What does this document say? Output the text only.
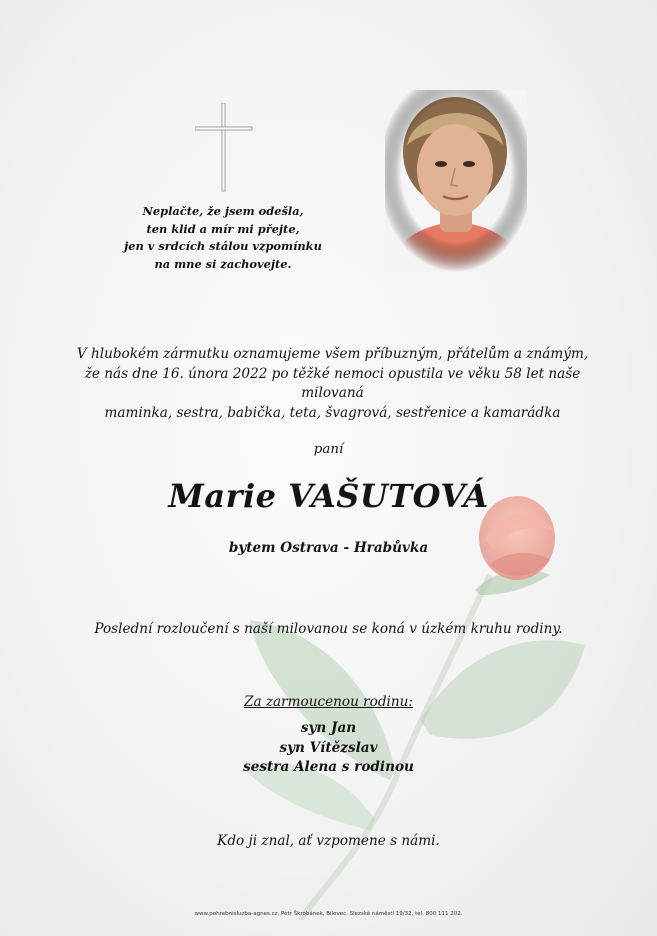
Neplačte, že jsem odešla,
ten klid a mír mi přejte,
jen v srdcích stálou vzpomínku
na mne si zachovejte.
V hlubokém zármutku oznamujeme všem příbuzným, přátelům a známým,
že nás dne 16. února 2022 po těžké nemoci opustila ve věku 58 let naše milovaná
maminka, sestra, babička, teta, švagrová, sestřenice a kamarádka
paní
Marie VAŠUTOVÁ
bytem Ostrava - Hrabůvka
Poslední rozloučení s naší milovanou se koná v úzkém kruhu rodiny.
Za zarmoucenou rodinu:
syn Jan
syn Vítězslav
sestra Alena s rodinou
Kdo ji znal, ať vzpomene s námi.
www.pohrebnisluzba-agnes.cz, Petr Škrobánek, Bílovec, Slezské náměstí 19/32, tel. 800 111 202.
